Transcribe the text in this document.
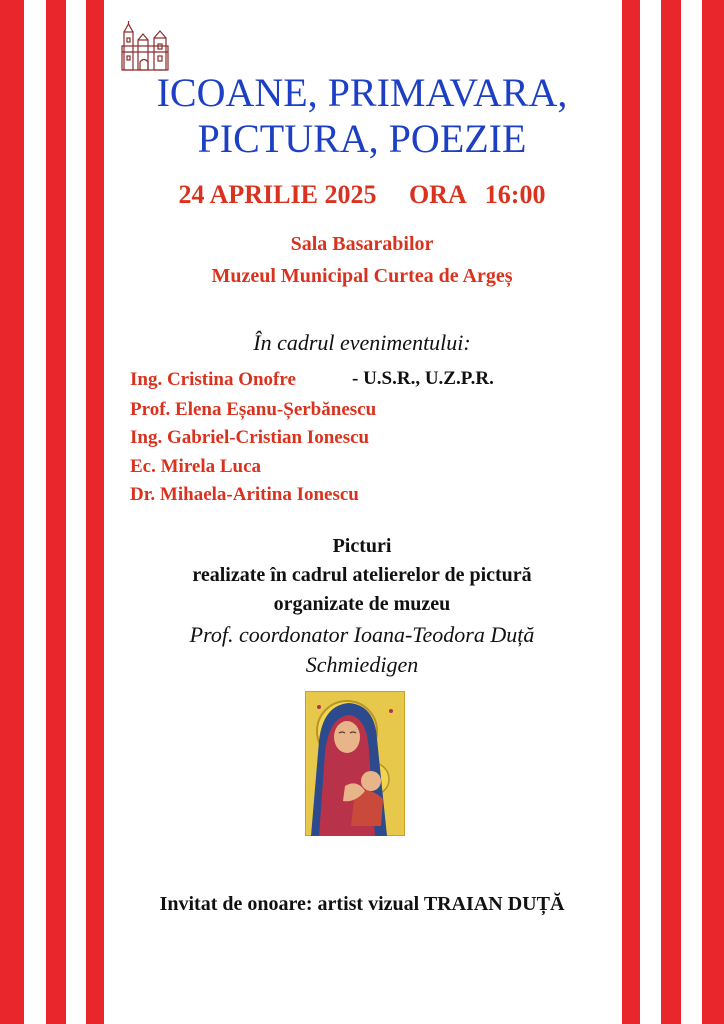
ICOANE, PRIMAVARA,
PICTURA, POEZIE
24 APRILIE 2025 ORA 16:00
Sala Basarabilor
Muzeul Municipal Curtea de Argeș
În cadrul evenimentului:
Ing. Cristina Onofre	- U.S.R., U.Z.P.R.
Prof. Elena Eșanu-Șerbănescu
Ing. Gabriel-Cristian Ionescu
Ec. Mirela Luca
Dr. Mihaela-Aritina Ionescu
Picturi
realizate în cadrul atelierelor de pictură
organizate de muzeu
Prof. coordonator Ioana-Teodora Duță
Schmiedigen
Invitat de onoare: artist vizual TRAIAN DUȚĂ
